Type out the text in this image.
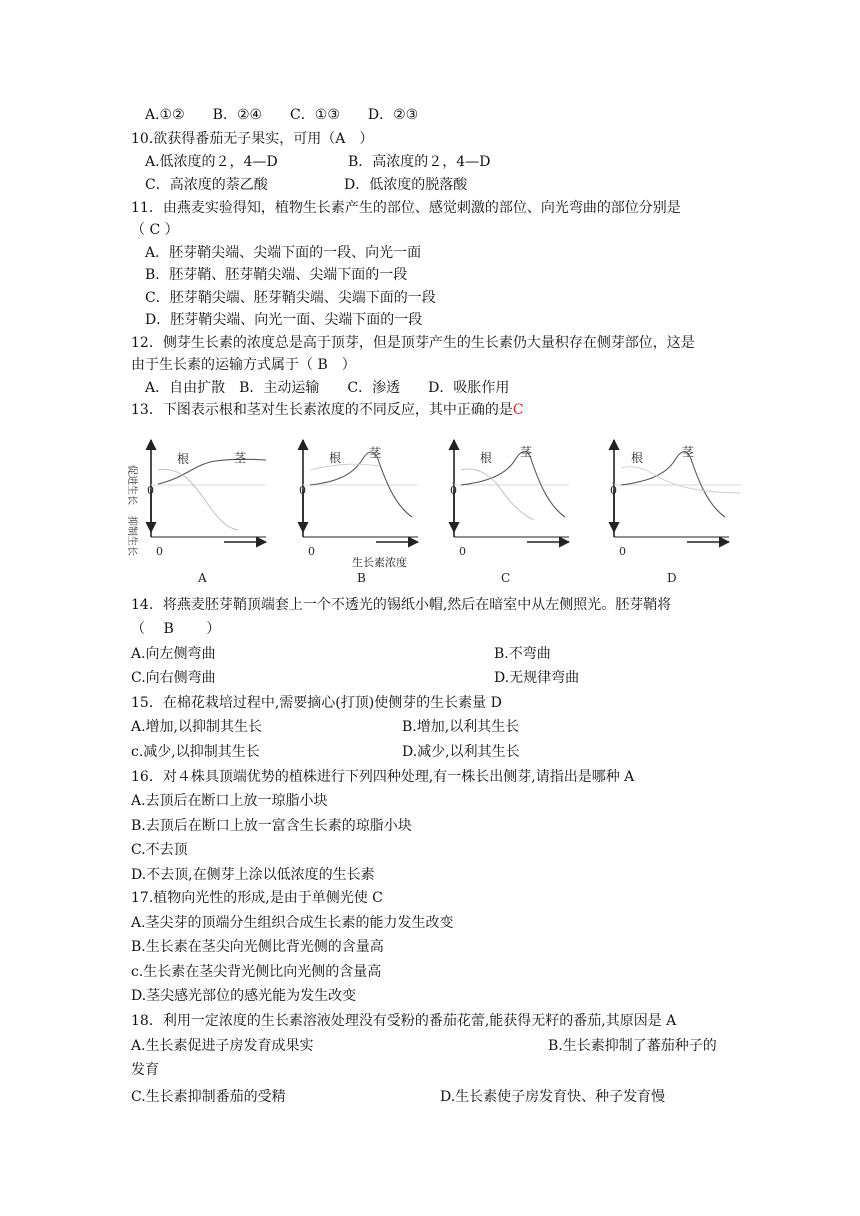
A.①②　　B．②④　　C．①③　　D．②③
10.欲获得番茄无子果实，可用（A　）
A.低浓度的２，4—D	B．高浓度的２，4—D
C．高浓度的萘乙酸	D．低浓度的脱落酸
11．由燕麦实验得知，植物生长素产生的部位、感觉刺激的部位、向光弯曲的部位分别是
（ C ）
A．胚芽鞘尖端、尖端下面的一段、向光一面
B．胚芽鞘、胚芽鞘尖端、尖端下面的一段
C．胚芽鞘尖端、胚芽鞘尖端、尖端下面的一段
D．胚芽鞘尖端、向光一面、尖端下面的一段
12．侧芽生长素的浓度总是高于顶芽，但是顶芽产生的生长素仍大量积存在侧芽部位，这是
由于生长素的运输方式属于（ B　）
A．自由扩散　B．主动运输　　C．渗透　　D．吸胀作用
13．下图表示根和茎对生长素浓度的不同反应，其中正确的是C
促进生长
抑制生长
根	茎
0
0
A
根 茎
0
0
生长素浓度
B
根 茎
0
0
C
根	茎
0
0
D
14．将燕麦胚芽鞘顶端套上一个不透光的锡纸小帽,然后在暗室中从左侧照光。胚芽鞘将
（　 B　　 ）
A.向左侧弯曲	B.不弯曲
C.向右侧弯曲	D.无规律弯曲
15．在棉花栽培过程中,需要摘心(打顶)使侧芽的生长素量 D
A.增加,以抑制其生长	B.增加,以利其生长
c.减少,以抑制其生长	D.减少,以利其生长
16．对４株具顶端优势的植株进行下列四种处理,有一株长出侧芽,请指出是哪种 A
A.去顶后在断口上放一琼脂小块
B.去顶后在断口上放一富含生长素的琼脂小块
C.不去顶
D.不去顶,在侧芽上涂以低浓度的生长素
17.植物向光性的形成,是由于单侧光使 C
A.茎尖芽的顶端分生组织合成生长素的能力发生改变
B.生长素在茎尖向光侧比背光侧的含量高
c.生长素在茎尖背光侧比向光侧的含量高
D.茎尖感光部位的感光能为发生改变
18．利用一定浓度的生长素溶液处理没有受粉的番茄花蕾,能获得无籽的番茄,其原因是 A
A.生长素促进子房发育成果实	B.生长素抑制了蕃茄种子的
发育
C.生长素抑制番茄的受精	D.生长素使子房发育快、种子发育慢
